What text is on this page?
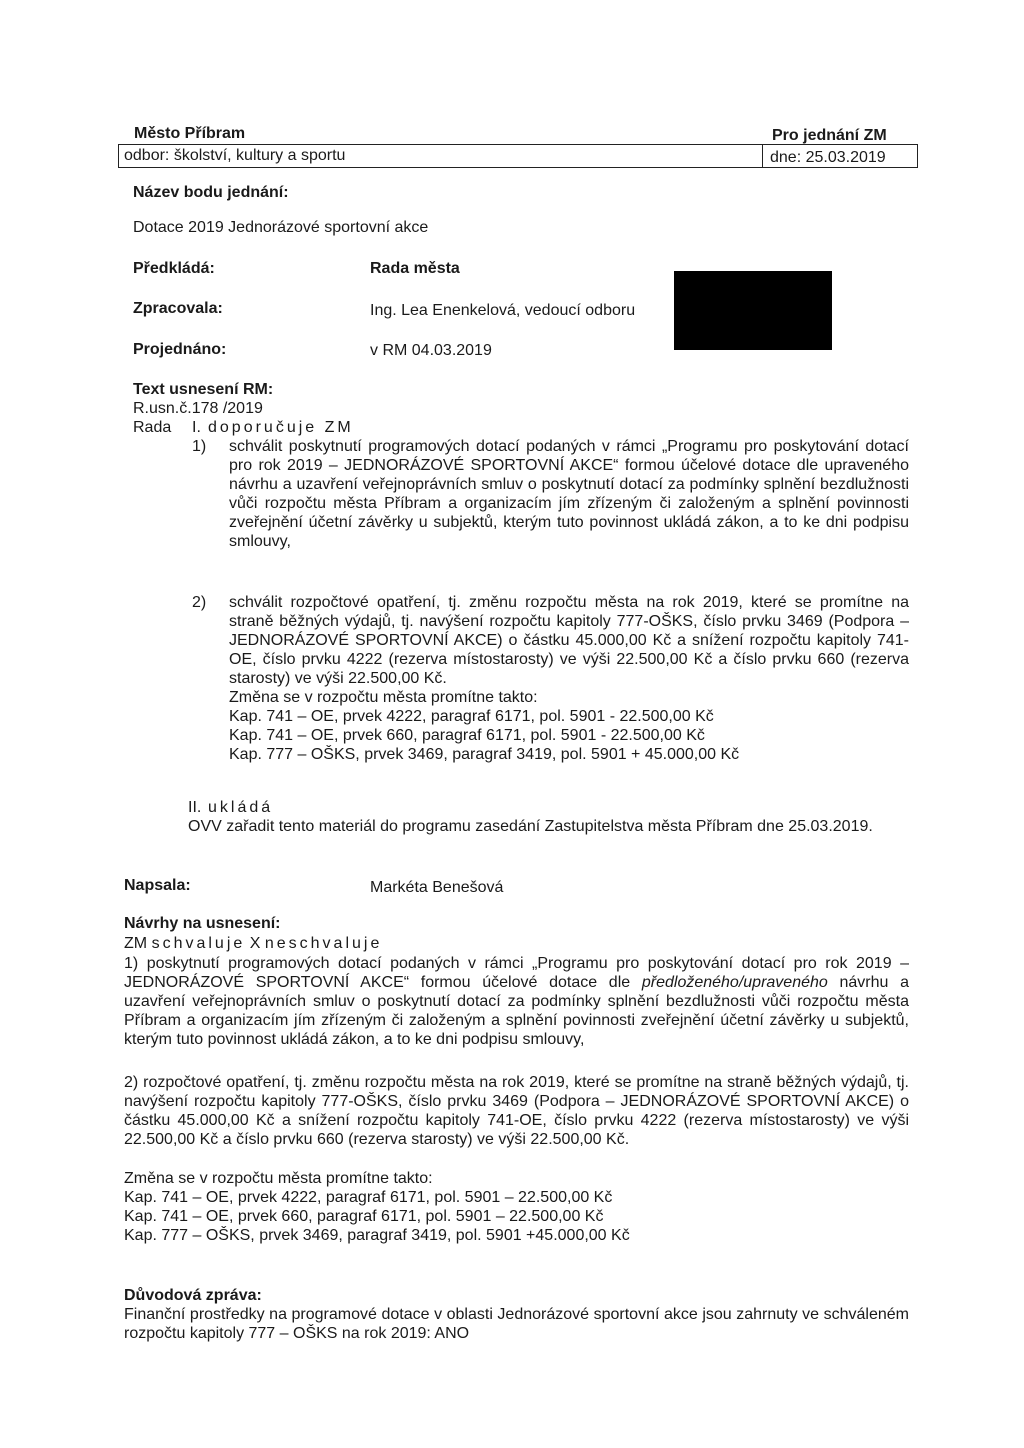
Město Příbram	Pro jednání ZM
odbor: školství, kultury a sportu	dne: 25.03.2019
Název bodu jednání:
Dotace 2019 Jednorázové sportovní akce
Předkládá:	Rada města
Zpracovala:	Ing. Lea Enenkelová, vedoucí odboru
Projednáno:	v RM 04.03.2019
Text usnesení RM:
R.usn.č.178 /2019
Rada I. doporučuje ZM
1) schválit poskytnutí programových dotací podaných v rámci „Programu pro poskytování dotací pro rok 2019 – JEDNORÁZOVÉ SPORTOVNÍ AKCE“ formou účelové dotace dle upraveného návrhu a uzavření veřejnoprávních smluv o poskytnutí dotací za podmínky splnění bezdlužnosti vůči rozpočtu města Příbram a organizacím jím zřízeným či založeným a splnění povinnosti zveřejnění účetní závěrky u subjektů, kterým tuto povinnost ukládá zákon, a to ke dni podpisu smlouvy,
2) schválit rozpočtové opatření, tj. změnu rozpočtu města na rok 2019, které se promítne na straně běžných výdajů, tj. navýšení rozpočtu kapitoly 777-OŠKS, číslo prvku 3469 (Podpora – JEDNORÁZOVÉ SPORTOVNÍ AKCE) o částku 45.000,00 Kč a snížení rozpočtu kapitoly 741-OE, číslo prvku 4222 (rezerva místostarosty) ve výši 22.500,00 Kč a číslo prvku 660 (rezerva starosty) ve výši 22.500,00 Kč.
Změna se v rozpočtu města promítne takto:
Kap. 741 – OE, prvek 4222, paragraf 6171, pol. 5901 - 22.500,00 Kč
Kap. 741 – OE, prvek 660, paragraf 6171, pol. 5901 - 22.500,00 Kč
Kap. 777 – OŠKS, prvek 3469, paragraf 3419, pol. 5901 + 45.000,00 Kč
II. ukládá
OVV zařadit tento materiál do programu zasedání Zastupitelstva města Příbram dne 25.03.2019.
Napsala:	Markéta Benešová
Návrhy na usnesení:
ZM schvaluje X neschvaluje
1) poskytnutí programových dotací podaných v rámci „Programu pro poskytování dotací pro rok 2019 – JEDNORÁZOVÉ SPORTOVNÍ AKCE“ formou účelové dotace dle předloženého/upraveného návrhu a uzavření veřejnoprávních smluv o poskytnutí dotací za podmínky splnění bezdlužnosti vůči rozpočtu města Příbram a organizacím jím zřízeným či založeným a splnění povinnosti zveřejnění účetní závěrky u subjektů, kterým tuto povinnost ukládá zákon, a to ke dni podpisu smlouvy,
2) rozpočtové opatření, tj. změnu rozpočtu města na rok 2019, které se promítne na straně běžných výdajů, tj. navýšení rozpočtu kapitoly 777-OŠKS, číslo prvku 3469 (Podpora – JEDNORÁZOVÉ SPORTOVNÍ AKCE) o částku 45.000,00 Kč a snížení rozpočtu kapitoly 741-OE, číslo prvku 4222 (rezerva místostarosty) ve výši 22.500,00 Kč a číslo prvku 660 (rezerva starosty) ve výši 22.500,00 Kč.
Změna se v rozpočtu města promítne takto:
Kap. 741 – OE, prvek 4222, paragraf 6171, pol. 5901 – 22.500,00 Kč
Kap. 741 – OE, prvek 660, paragraf 6171, pol. 5901 – 22.500,00 Kč
Kap. 777 – OŠKS, prvek 3469, paragraf 3419, pol. 5901 +45.000,00 Kč
Důvodová zpráva:
Finanční prostředky na programové dotace v oblasti Jednorázové sportovní akce jsou zahrnuty ve schváleném rozpočtu kapitoly 777 – OŠKS na rok 2019: ANO
